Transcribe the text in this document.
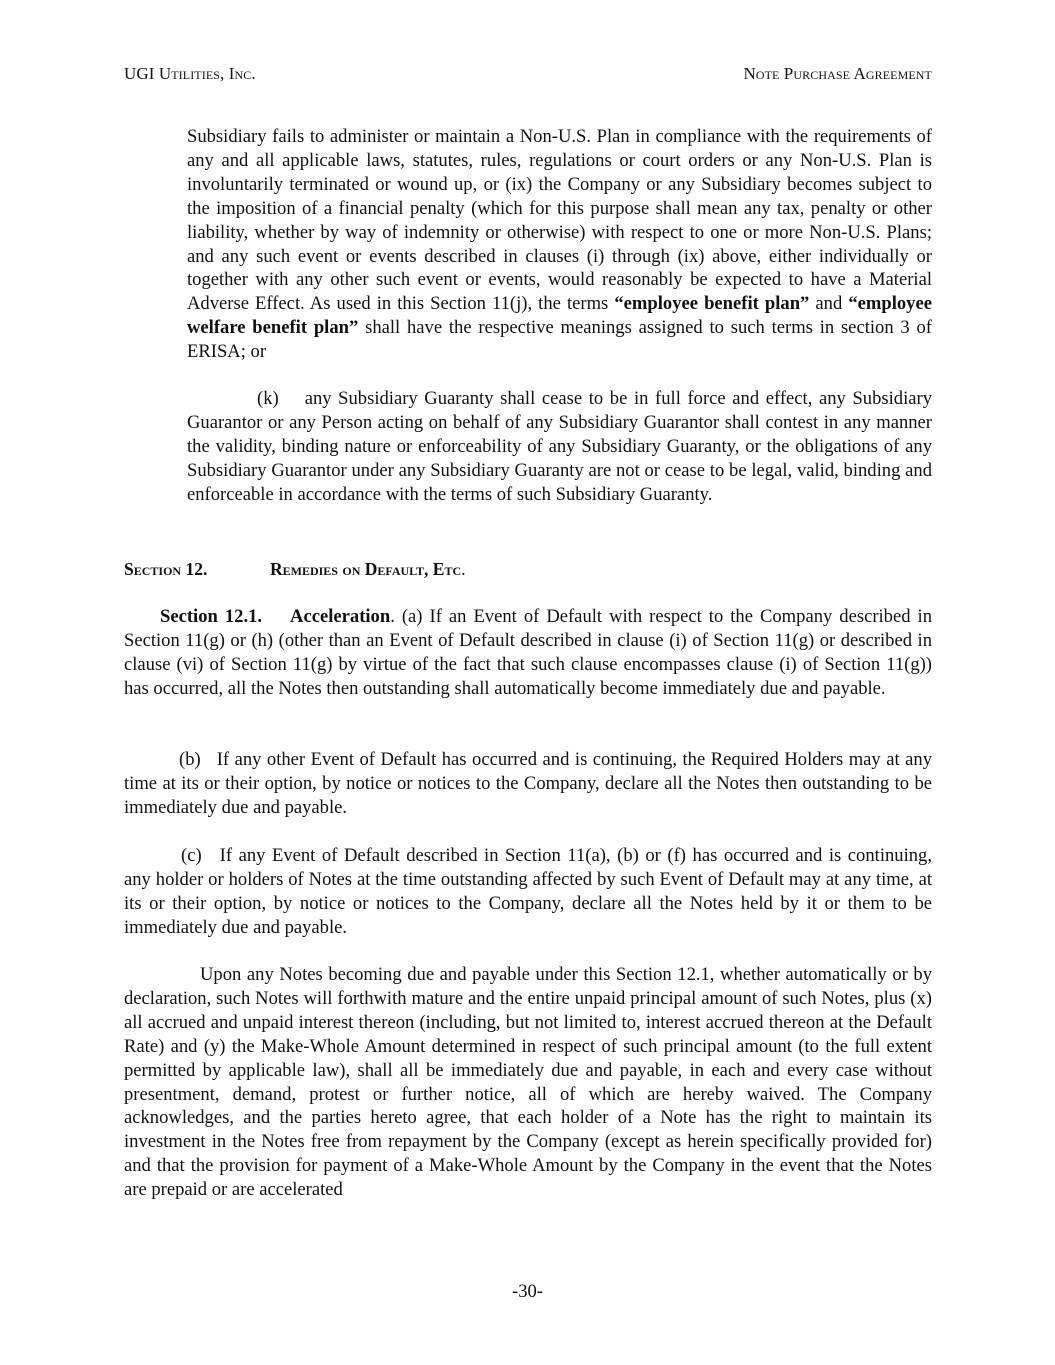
UGI Utilities, Inc.	Note Purchase Agreement

Subsidiary fails to administer or maintain a Non-U.S. Plan in compliance with the requirements of any and all applicable laws, statutes, rules, regulations or court orders or any Non-U.S. Plan is involuntarily terminated or wound up, or (ix) the Company or any Subsidiary becomes subject to the imposition of a financial penalty (which for this purpose shall mean any tax, penalty or other liability, whether by way of indemnity or otherwise) with respect to one or more Non-U.S. Plans; and any such event or events described in clauses (i) through (ix) above, either individually or together with any other such event or events, would reasonably be expected to have a Material Adverse Effect. As used in this Section 11(j), the terms “employee benefit plan” and “employee welfare benefit plan” shall have the respective meanings assigned to such terms in section 3 of ERISA; or

(k) any Subsidiary Guaranty shall cease to be in full force and effect, any Subsidiary Guarantor or any Person acting on behalf of any Subsidiary Guarantor shall contest in any manner the validity, binding nature or enforceability of any Subsidiary Guaranty, or the obligations of any Subsidiary Guarantor under any Subsidiary Guaranty are not or cease to be legal, valid, binding and enforceable in accordance with the terms of such Subsidiary Guaranty.

Section 12.	Remedies on Default, Etc.

Section 12.1. Acceleration. (a) If an Event of Default with respect to the Company described in Section 11(g) or (h) (other than an Event of Default described in clause (i) of Section 11(g) or described in clause (vi) of Section 11(g) by virtue of the fact that such clause encompasses clause (i) of Section 11(g)) has occurred, all the Notes then outstanding shall automatically become immediately due and payable.

(b) If any other Event of Default has occurred and is continuing, the Required Holders may at any time at its or their option, by notice or notices to the Company, declare all the Notes then outstanding to be immediately due and payable.

(c) If any Event of Default described in Section 11(a), (b) or (f) has occurred and is continuing, any holder or holders of Notes at the time outstanding affected by such Event of Default may at any time, at its or their option, by notice or notices to the Company, declare all the Notes held by it or them to be immediately due and payable.

Upon any Notes becoming due and payable under this Section 12.1, whether automatically or by declaration, such Notes will forthwith mature and the entire unpaid principal amount of such Notes, plus (x) all accrued and unpaid interest thereon (including, but not limited to, interest accrued thereon at the Default Rate) and (y) the Make-Whole Amount determined in respect of such principal amount (to the full extent permitted by applicable law), shall all be immediately due and payable, in each and every case without presentment, demand, protest or further notice, all of which are hereby waived. The Company acknowledges, and the parties hereto agree, that each holder of a Note has the right to maintain its investment in the Notes free from repayment by the Company (except as herein specifically provided for) and that the provision for payment of a Make-Whole Amount by the Company in the event that the Notes are prepaid or are accelerated

-30-
